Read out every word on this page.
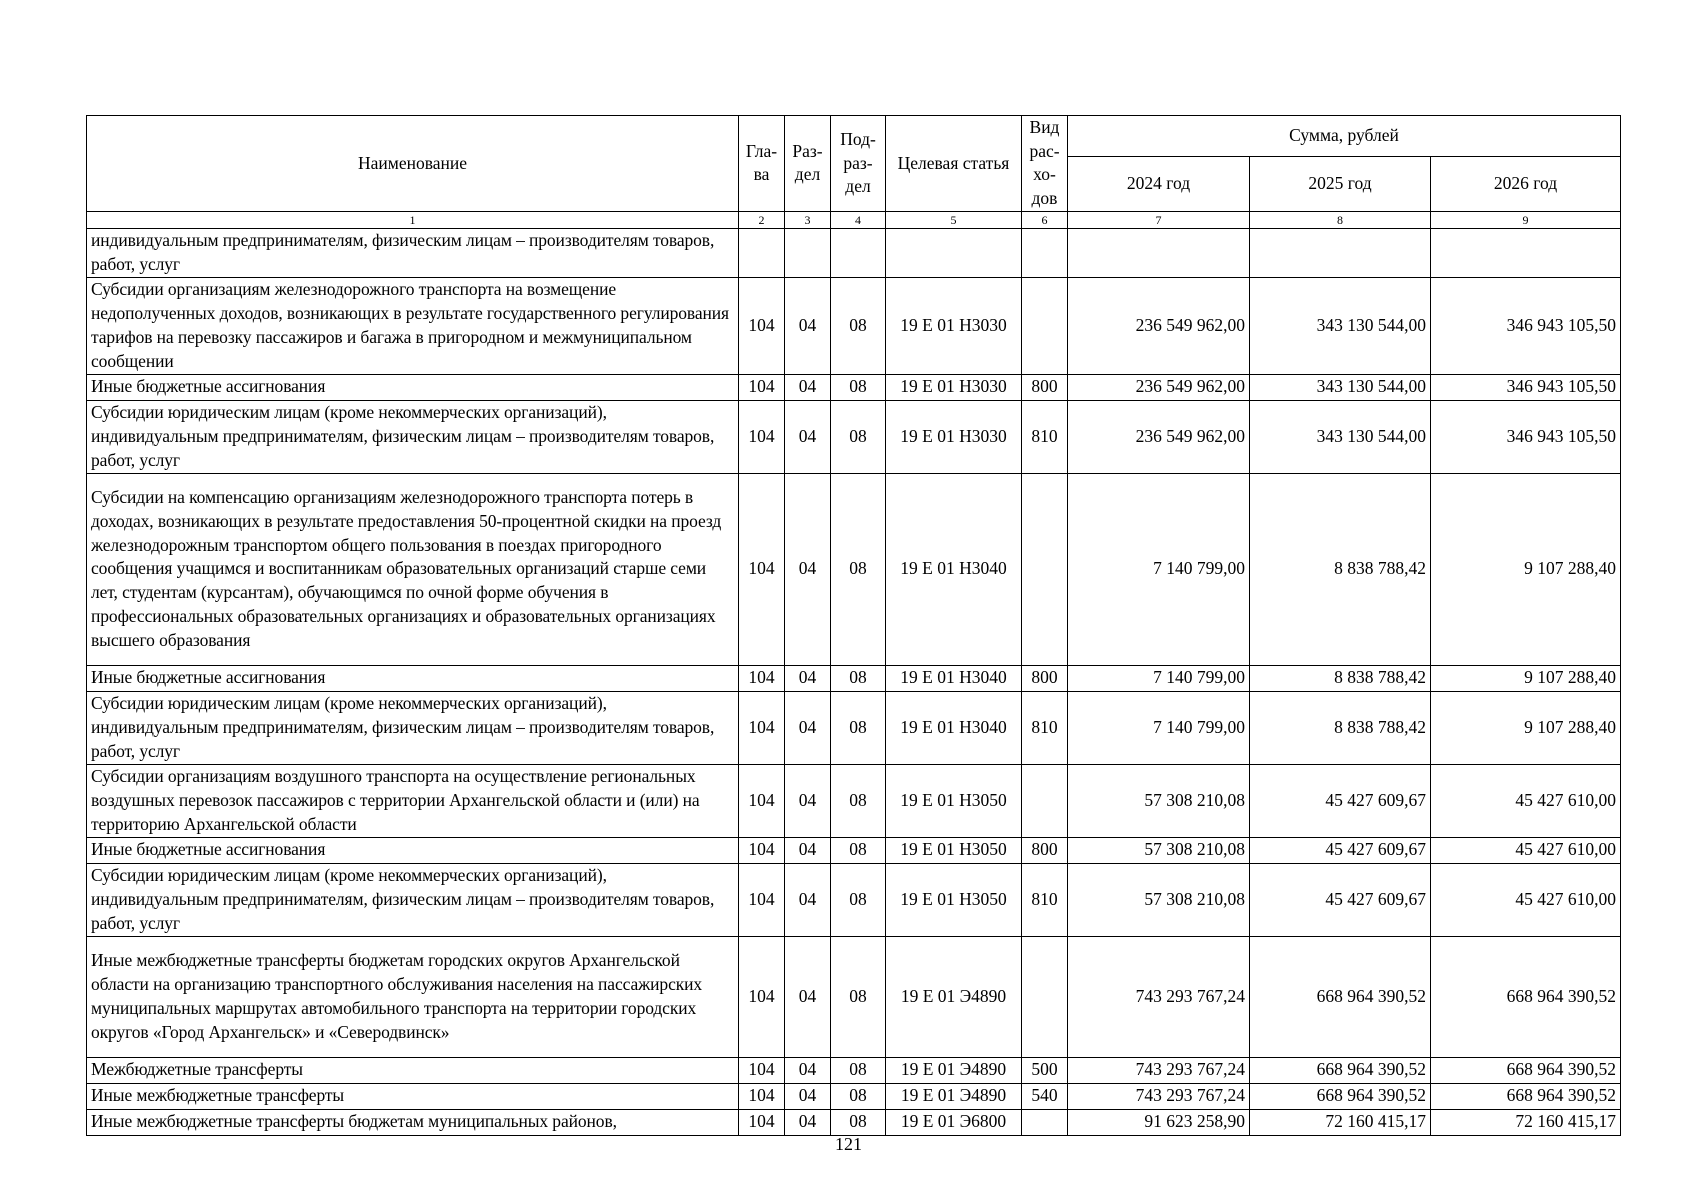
Наименование	Гла-ва	Раз-дел	Под-раз-дел	Целевая статья	Вид рас-хо-дов	Сумма, рублей		
						2024 год	2025 год	2026 год
1	2	3	4	5	6	7	8	9
индивидуальным предпринимателям, физическим лицам – производителям товаров, работ, услуг								
Субсидии организациям железнодорожного транспорта на возмещение недополученных доходов, возникающих в результате государственного регулирования тарифов на перевозку пассажиров и багажа в пригородном и межмуниципальном сообщении	104	04	08	19 Е 01 Н3030		236 549 962,00	343 130 544,00	346 943 105,50
Иные бюджетные ассигнования	104	04	08	19 Е 01 Н3030	800	236 549 962,00	343 130 544,00	346 943 105,50
Субсидии юридическим лицам (кроме некоммерческих организаций), индивидуальным предпринимателям, физическим лицам – производителям товаров, работ, услуг	104	04	08	19 Е 01 Н3030	810	236 549 962,00	343 130 544,00	346 943 105,50
Субсидии на компенсацию организациям железнодорожного транспорта потерь в доходах, возникающих в результате предоставления 50-процентной скидки на проезд железнодорожным транспортом общего пользования в поездах пригородного сообщения учащимся и воспитанникам образовательных организаций старше семи лет, студентам (курсантам), обучающимся по очной форме обучения в профессиональных образовательных организациях и образовательных организациях высшего образования	104	04	08	19 Е 01 Н3040		7 140 799,00	8 838 788,42	9 107 288,40
Иные бюджетные ассигнования	104	04	08	19 Е 01 Н3040	800	7 140 799,00	8 838 788,42	9 107 288,40
Субсидии юридическим лицам (кроме некоммерческих организаций), индивидуальным предпринимателям, физическим лицам – производителям товаров, работ, услуг	104	04	08	19 Е 01 Н3040	810	7 140 799,00	8 838 788,42	9 107 288,40
Субсидии организациям воздушного транспорта на осуществление региональных воздушных перевозок пассажиров с территории Архангельской области и (или) на территорию Архангельской области	104	04	08	19 Е 01 Н3050		57 308 210,08	45 427 609,67	45 427 610,00
Иные бюджетные ассигнования	104	04	08	19 Е 01 Н3050	800	57 308 210,08	45 427 609,67	45 427 610,00
Субсидии юридическим лицам (кроме некоммерческих организаций), индивидуальным предпринимателям, физическим лицам – производителям товаров, работ, услуг	104	04	08	19 Е 01 Н3050	810	57 308 210,08	45 427 609,67	45 427 610,00
Иные межбюджетные трансферты бюджетам городских округов Архангельской области на организацию транспортного обслуживания населения на пассажирских муниципальных маршрутах автомобильного транспорта на территории городских округов «Город Архангельск» и «Северодвинск»	104	04	08	19 Е 01 Э4890		743 293 767,24	668 964 390,52	668 964 390,52
Межбюджетные трансферты	104	04	08	19 Е 01 Э4890	500	743 293 767,24	668 964 390,52	668 964 390,52
Иные межбюджетные трансферты	104	04	08	19 Е 01 Э4890	540	743 293 767,24	668 964 390,52	668 964 390,52
Иные межбюджетные трансферты бюджетам муниципальных районов,	104	04	08	19 Е 01 Э6800		91 623 258,90	72 160 415,17	72 160 415,17
121
